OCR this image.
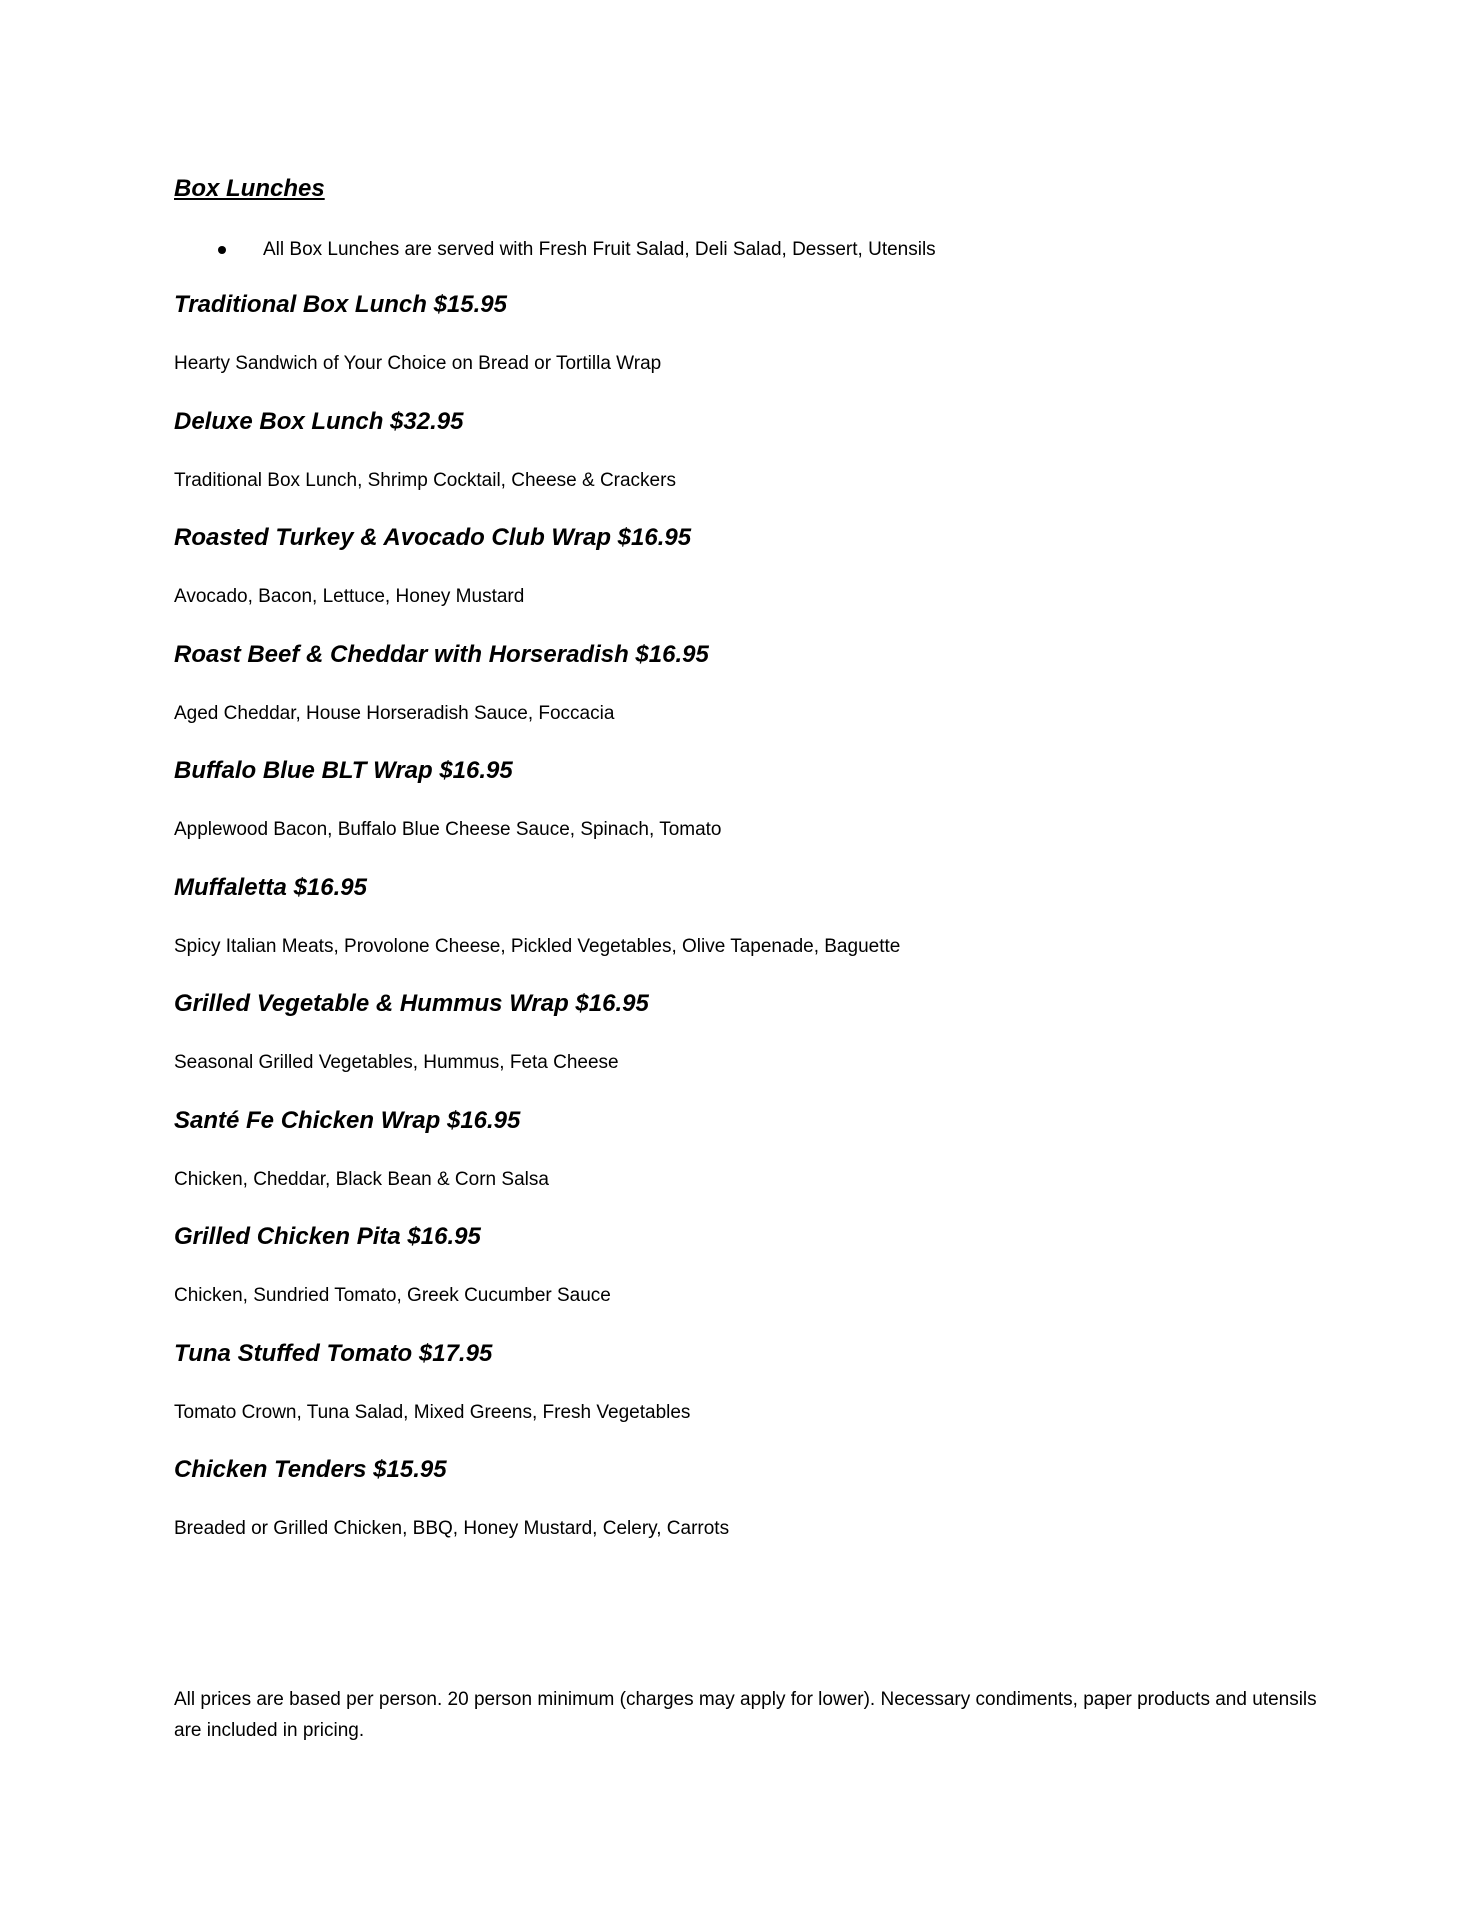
Box Lunches
All Box Lunches are served with Fresh Fruit Salad, Deli Salad, Dessert, Utensils
Traditional Box Lunch $15.95

Hearty Sandwich of Your Choice on Bread or Tortilla Wrap

Deluxe Box Lunch $32.95

Traditional Box Lunch, Shrimp Cocktail, Cheese & Crackers

Roasted Turkey & Avocado Club Wrap $16.95

Avocado, Bacon, Lettuce, Honey Mustard

Roast Beef & Cheddar with Horseradish $16.95

Aged Cheddar, House Horseradish Sauce, Foccacia

Buffalo Blue BLT Wrap $16.95

Applewood Bacon, Buffalo Blue Cheese Sauce, Spinach, Tomato

Muffaletta $16.95

Spicy Italian Meats, Provolone Cheese, Pickled Vegetables, Olive Tapenade, Baguette

Grilled Vegetable & Hummus Wrap $16.95

Seasonal Grilled Vegetables, Hummus, Feta Cheese

Santé Fe Chicken Wrap $16.95

Chicken, Cheddar, Black Bean & Corn Salsa

Grilled Chicken Pita $16.95

Chicken, Sundried Tomato, Greek Cucumber Sauce

Tuna Stuffed Tomato $17.95

Tomato Crown, Tuna Salad, Mixed Greens, Fresh Vegetables

Chicken Tenders $15.95

Breaded or Grilled Chicken, BBQ, Honey Mustard, Celery, Carrots

All prices are based per person. 20 person minimum (charges may apply for lower). Necessary condiments, paper products and utensils are included in pricing.
